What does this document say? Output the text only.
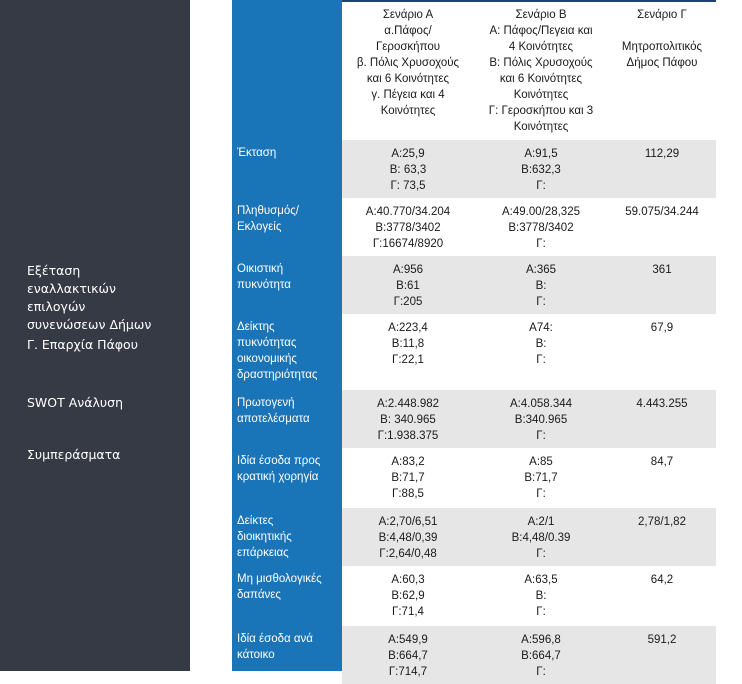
Εξέταση
εναλλακτικών
επιλογών
συνενώσεων Δήμων
Γ. Επαρχία Πάφου
SWOT Ανάλυση
Συμπεράσματα
Σενάριο Α
α.Πάφος/
Γεροσκήπου
β. Πόλις Χρυσοχούς
και 6 Κοινότητες
γ. Πέγεια και 4
Κοινότητες
Σενάριο Β
Α: Πάφος/Πεγεια και
4 Κοινότητες
Β: Πόλις Χρυσοχούς
και 6 Κοινότητες
Κοινότητες
Γ: Γεροσκήπου και 3
Κοινότητες
Σενάριο Γ

Μητροπολιτικός
Δήμος Πάφου
Α:25,9
Β: 63,3
Γ: 73,5
Α:91,5
Β:632,3
Γ:
112,29
Έκταση
Α:40.770/34.204
Β:3778/3402
Γ:16674/8920
Α:49.00/28,325
Β:3778/3402
Γ:
59.075/34.244
Πληθυσμός/
Εκλογείς
Α:956
Β:61
Γ:205
Α:365
Β:
Γ:
361
Οικιστική
πυκνότητα
Α:223,4
Β:11,8
Γ:22,1
Α74:
Β:
Γ:
67,9
Δείκτης
πυκνότητας
οικονομικής
δραστηριότητας
Α:2.448.982
Β: 340.965
Γ:1.938.375
Α:4.058.344
Β:340.965
Γ:
4.443.255
Πρωτογενή
αποτελέσματα
Α:83,2
Β:71,7
Γ:88,5
Α:85
Β:71,7
Γ:
84,7
Ιδία έσοδα προς
κρατική χορηγία
Α:2,70/6,51
Β:4,48/0,39
Γ:2,64/0,48
Α:2/1
Β:4,48/0.39
Γ:
2,78/1,82
Δείκτες
διοικητικής
επάρκειας
Α:60,3
Β:62,9
Γ:71,4
Α:63,5
Β:
Γ:
64,2
Μη μισθολογικές
δαπάνες
Α:549,9
Β:664,7
Γ:714,7
Α:596,8
Β:664,7
Γ:
591,2
Ιδία έσοδα ανά
κάτοικο
